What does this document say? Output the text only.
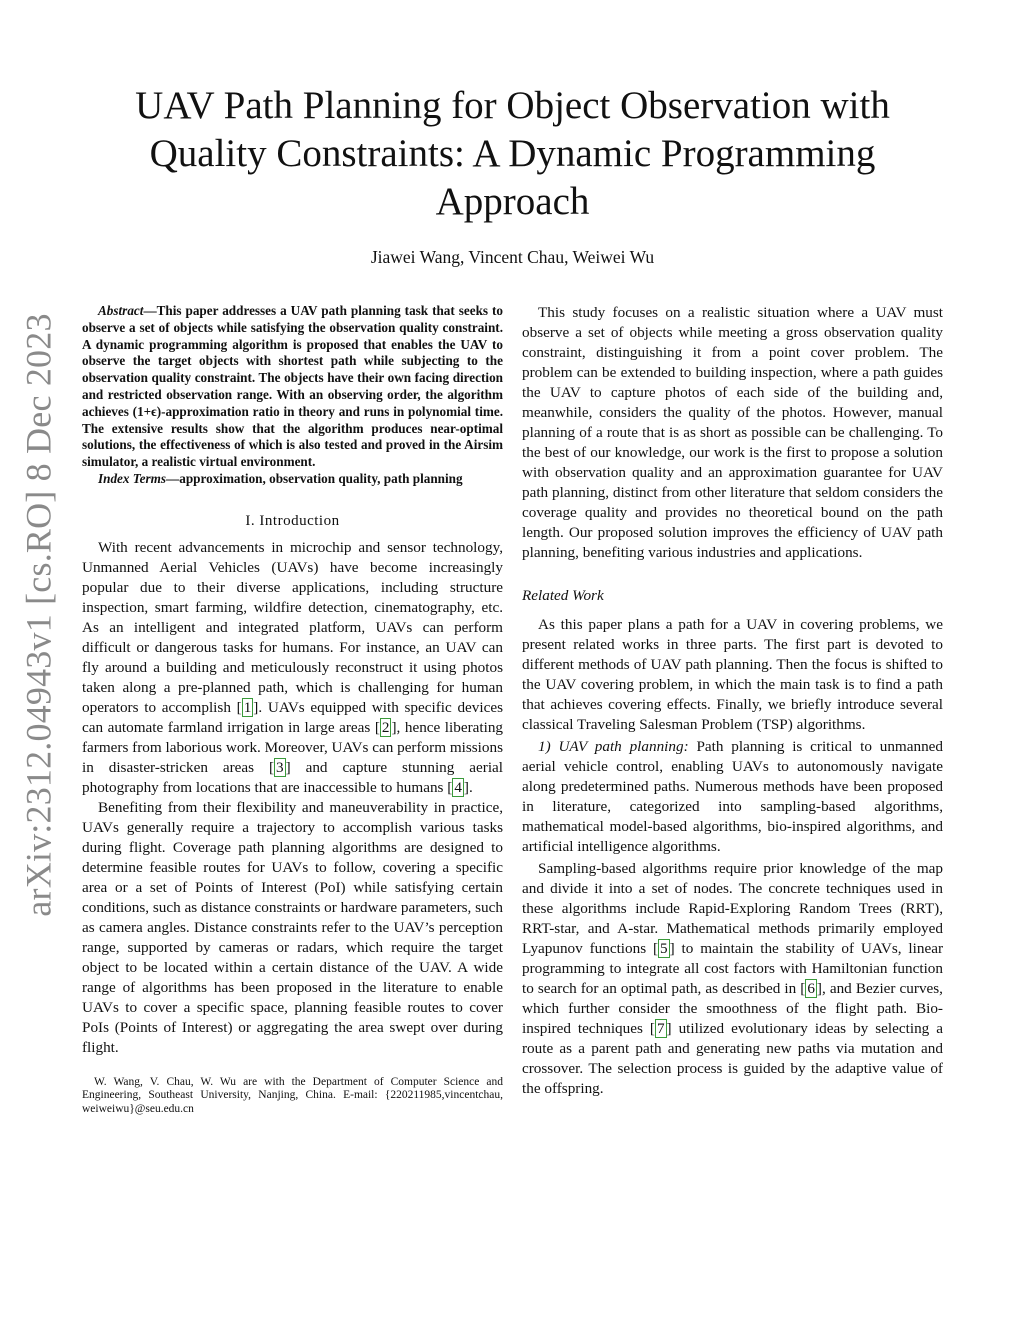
arXiv:2312.04943v1 [cs.RO] 8 Dec 2023
UAV Path Planning for Object Observation with
Quality Constraints: A Dynamic Programming
Approach
Jiawei Wang, Vincent Chau, Weiwei Wu

Abstract—This paper addresses a UAV path planning task that seeks to observe a set of objects while satisfying the observation quality constraint. A dynamic programming algorithm is proposed that enables the UAV to observe the target objects with shortest path while subjecting to the observation quality constraint. The objects have their own facing direction and restricted observation range. With an observing order, the algorithm achieves (1+ϵ)-approximation ratio in theory and runs in polynomial time. The extensive results show that the algorithm produces near-optimal solutions, the effectiveness of which is also tested and proved in the Airsim simulator, a realistic virtual environment.

Index Terms—approximation, observation quality, path planning

I. Introduction

With recent advancements in microchip and sensor technology, Unmanned Aerial Vehicles (UAVs) have become increasingly popular due to their diverse applications, including structure inspection, smart farming, wildfire detection, cinematography, etc. As an intelligent and integrated platform, UAVs can perform difficult or dangerous tasks for humans. For instance, an UAV can fly around a building and meticulously reconstruct it using photos taken along a pre-planned path, which is challenging for human operators to accomplish [ 1 ]. UAVs equipped with specific devices can automate farmland irrigation in large areas [ 2 ], hence liberating farmers from laborious work. Moreover, UAVs can perform missions in disaster-stricken areas [ 3 ] and capture stunning aerial photography from locations that are inaccessible to humans [ 4 ].

Benefiting from their flexibility and maneuverability in practice, UAVs generally require a trajectory to accomplish various tasks during flight. Coverage path planning algorithms are designed to determine feasible routes for UAVs to follow, covering a specific area or a set of Points of Interest (PoI) while satisfying certain conditions, such as distance constraints or hardware parameters, such as camera angles. Distance constraints refer to the UAV’s perception range, supported by cameras or radars, which require the target object to be located within a certain distance of the UAV. A wide range of algorithms has been proposed in the literature to enable UAVs to cover a specific space, planning feasible routes to cover PoIs (Points of Interest) or aggregating the area swept over during flight.

W. Wang, V. Chau, W. Wu are with the Department of Computer Science and Engineering, Southeast University, Nanjing, China. E-mail: {220211985,vincentchau, weiweiwu}@seu.edu.cn

This study focuses on a realistic situation where a UAV must observe a set of objects while meeting a gross observation quality constraint, distinguishing it from a point cover problem. The problem can be extended to building inspection, where a path guides the UAV to capture photos of each side of the building and, meanwhile, considers the quality of the photos. However, manual planning of a route that is as short as possible can be challenging. To the best of our knowledge, our work is the first to propose a solution with observation quality and an approximation guarantee for UAV path planning, distinct from other literature that seldom considers the coverage quality and provides no theoretical bound on the path length. Our proposed solution improves the efficiency of UAV path planning, benefiting various industries and applications.

Related Work

As this paper plans a path for a UAV in covering problems, we present related works in three parts. The first part is devoted to different methods of UAV path planning. Then the focus is shifted to the UAV covering problem, in which the main task is to find a path that achieves covering effects. Finally, we briefly introduce several classical Traveling Salesman Problem (TSP) algorithms.

1) UAV path planning: Path planning is critical to unmanned aerial vehicle control, enabling UAVs to autonomously navigate along predetermined paths. Numerous methods have been proposed in literature, categorized into sampling-based algorithms, mathematical model-based algorithms, bio-inspired algorithms, and artificial intelligence algorithms.

Sampling-based algorithms require prior knowledge of the map and divide it into a set of nodes. The concrete techniques used in these algorithms include Rapid-Exploring Random Trees (RRT), RRT-star, and A-star. Mathematical methods primarily employed Lyapunov functions [ 5 ] to maintain the stability of UAVs, linear programming to integrate all cost factors with Hamiltonian function to search for an optimal path, as described in [ 6 ], and Bezier curves, which further consider the smoothness of the flight path. Bio-inspired techniques [ 7 ] utilized evolutionary ideas by selecting a route as a parent path and generating new paths via mutation and crossover. The selection process is guided by the adaptive value of the offspring.
